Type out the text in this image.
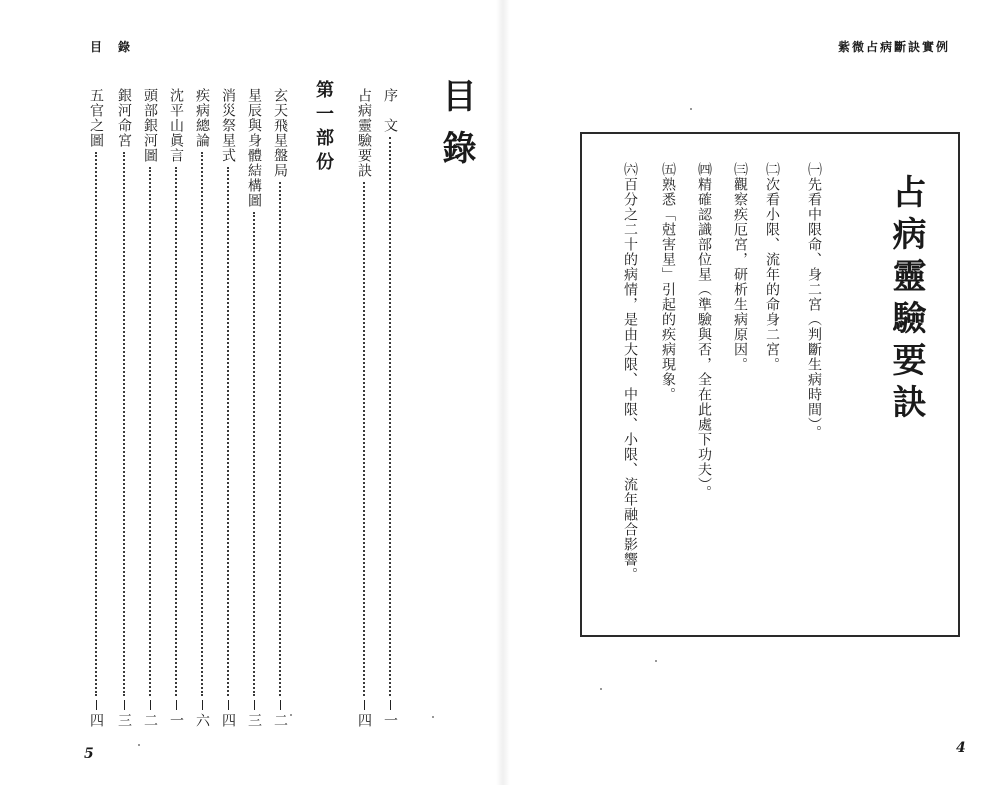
目　錄
5
目錄
第一部份	序　文
一
占病靈驗要訣
四
玄天飛星盤局
二
星辰與身體結構圖
三
消災祭星式
四
疾病總論
六
沈平山眞言
一
頭部銀河圖
二
銀河命宮
三
五官之圖
四
紫微占病斷訣實例
4
占病靈驗要訣
㈠先看中限命、身二宮（判斷生病時間）。
㈡次看小限、流年的命身二宮。
㈢觀察疾厄宮，研析生病原因。
㈣精確認識部位星（準驗與否，全在此處下功夫）。
㈤熟悉「尅害星」引起的疾病現象。
㈥百分之二十的病情，是由大限、中限、小限、流年融合影響。
